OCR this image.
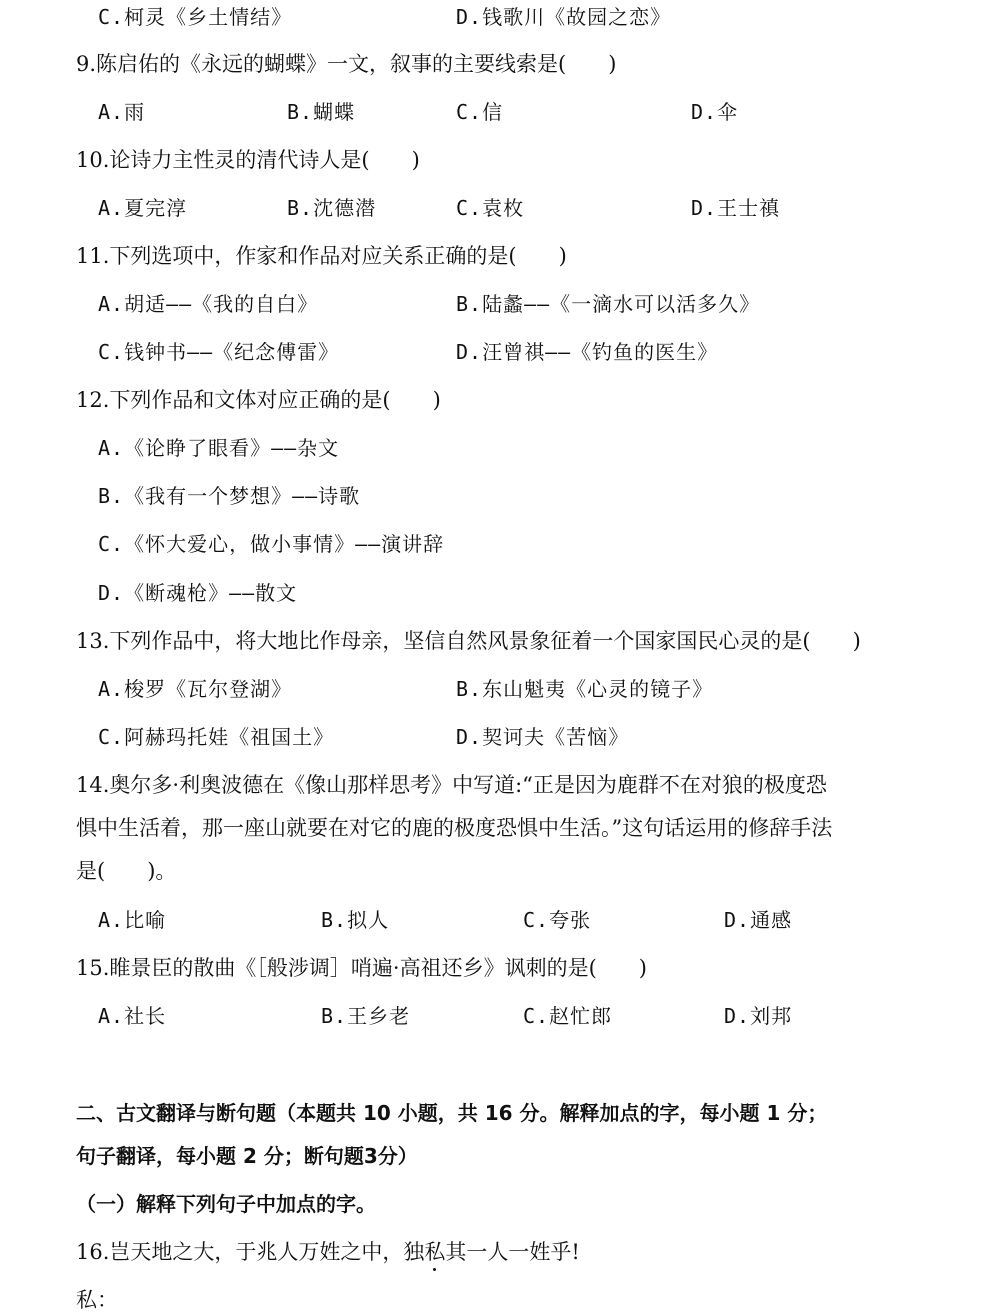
C.柯灵《乡土情结》	D.钱歌川《故园之恋》
9.陈启佑的《永远的蝴蝶》一文，叙事的主要线索是(　　)
A.雨	B.蝴蝶	C.信	D.伞
10.论诗力主性灵的清代诗人是(　　)
A.夏完淳	B.沈德潜	C.袁枚	D.王士禛
11.下列选项中，作家和作品对应关系正确的是(　　)
A.胡适——《我的自白》	B.陆蠡——《一滴水可以活多久》
C.钱钟书——《纪念傅雷》	D.汪曾祺——《钓鱼的医生》
12.下列作品和文体对应正确的是(　　)
A.《论睁了眼看》——杂文
B.《我有一个梦想》——诗歌
C.《怀大爱心，做小事情》——演讲辞
D.《断魂枪》——散文
13.下列作品中，将大地比作母亲，坚信自然风景象征着一个国家国民心灵的是(　　)
A.梭罗《瓦尔登湖》	B.东山魁夷《心灵的镜子》
C.阿赫玛托娃《祖国土》	D.契诃夫《苦恼》
14.奥尔多·利奥波德在《像山那样思考》中写道:“正是因为鹿群不在对狼的极度恐
惧中生活着，那一座山就要在对它的鹿的极度恐惧中生活。”这句话运用的修辞手法
是(　　)。
A.比喻	B.拟人	C.夸张	D.通感
15.睢景臣的散曲《［般涉调］哨遍·高祖还乡》讽刺的是(　　)
A.社长	B.王乡老	C.赵忙郎	D.刘邦
二、古文翻译与断句题（本题共 10 小题，共 16 分。解释加点的字，每小题 1 分；
句子翻译，每小题 2 分；断句题3分）
（一）解释下列句子中加点的字。
16.岂天地之大，于兆人万姓之中，独私其一人一姓乎!
私：
